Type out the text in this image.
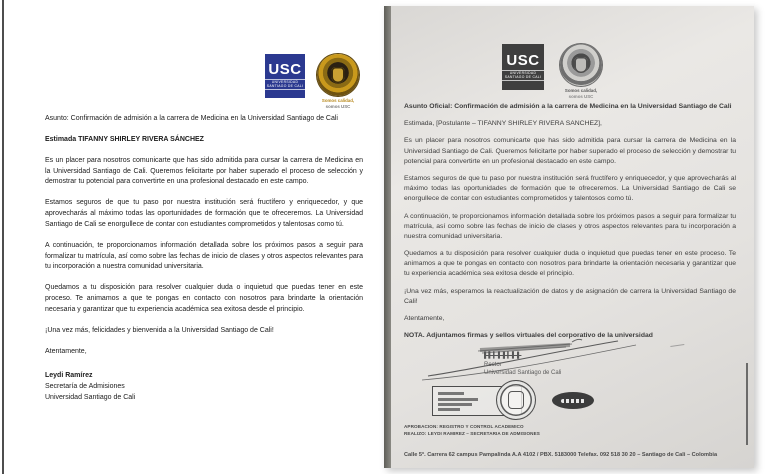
USC
UNIVERSIDAD SANTIAGO DE CALI
Somos calidad,
somos USC

Asunto: Confirmación de admisión a la carrera de Medicina en la Universidad Santiago de Cali

Estimada TIFANNY SHIRLEY RIVERA SÁNCHEZ

Es un placer para nosotros comunicarte que has sido admitida para cursar la carrera de Medicina en la Universidad Santiago de Cali. Queremos felicitarte por haber superado el proceso de selección y demostrar tu potencial para convertirte en una profesional destacado en este campo.

Estamos seguros de que tu paso por nuestra institución será fructífero y enriquecedor, y que aprovecharás al máximo todas las oportunidades de formación que te ofreceremos. La Universidad Santiago de Cali se enorgullece de contar con estudiantes comprometidos y talentosas como tú.

A continuación, te proporcionamos información detallada sobre los próximos pasos a seguir para formalizar tu matrícula, así como sobre las fechas de inicio de clases y otros aspectos relevantes para tu incorporación a nuestra comunidad universitaria.

Quedamos a tu disposición para resolver cualquier duda o inquietud que puedas tener en este proceso. Te animamos a que te pongas en contacto con nosotros para brindarte la orientación necesaria y garantizar que tu experiencia académica sea exitosa desde el principio.

¡Una vez más, felicidades y bienvenida a la Universidad Santiago de Cali!

Atentamente,

Leydi Ramírez
Secretaría de Admisiones
Universidad Santiago de Cali
USC
UNIVERSIDAD SANTIAGO DE CALI
Somos calidad,
somos USC

Asunto Oficial: Confirmación de admisión a la carrera de Medicina en la Universidad Santiago de Cali

Estimada, [Postulante – TIFANNY SHIRLEY RIVERA SANCHEZ],

Es un placer para nosotros comunicarte que has sido admitida para cursar la carrera de Medicina en la Universidad Santiago de Cali. Queremos felicitarte por haber superado el proceso de selección y demostrar tu potencial para convertirte en un profesional destacado en este campo.

Estamos seguros de que tu paso por nuestra institución será fructífero y enriquecedor, y que aprovecharás al máximo todas las oportunidades de formación que te ofreceremos. La Universidad Santiago de Cali se enorgullece de contar con estudiantes comprometidos y talentosos como tú.

A continuación, te proporcionamos información detallada sobre los próximos pasos a seguir para formalizar tu matrícula, así como sobre las fechas de inicio de clases y otros aspectos relevantes para tu incorporación a nuestra comunidad universitaria.

Quedamos a tu disposición para resolver cualquier duda o inquietud que puedas tener en este proceso. Te animamos a que te pongas en contacto con nosotros para brindarte la orientación necesaria y garantizar que tu experiencia académica sea exitosa desde el principio.

¡Una vez más, esperamos la reactualización de datos y de asignación de carrera la Universidad Santiago de Cali!

Atentamente,

NOTA. Adjuntamos firmas y sellos virtuales del corporativo de la universidad

▌▍▎▍▌▎▍▌
Rector
Universidad Santiago de Cali
APROBACION: REGISTRO Y CONTROL ACADEMICO
REALIZO: LEYDI RAMIREZ – SECRETARIA DE ADMISIONES
Calle 5ª. Carrera 62 campus Pampalinda A.A 4102 / PBX. 5183000 Telefax. 092 518 30 20 – Santiago de Cali – Colombia
